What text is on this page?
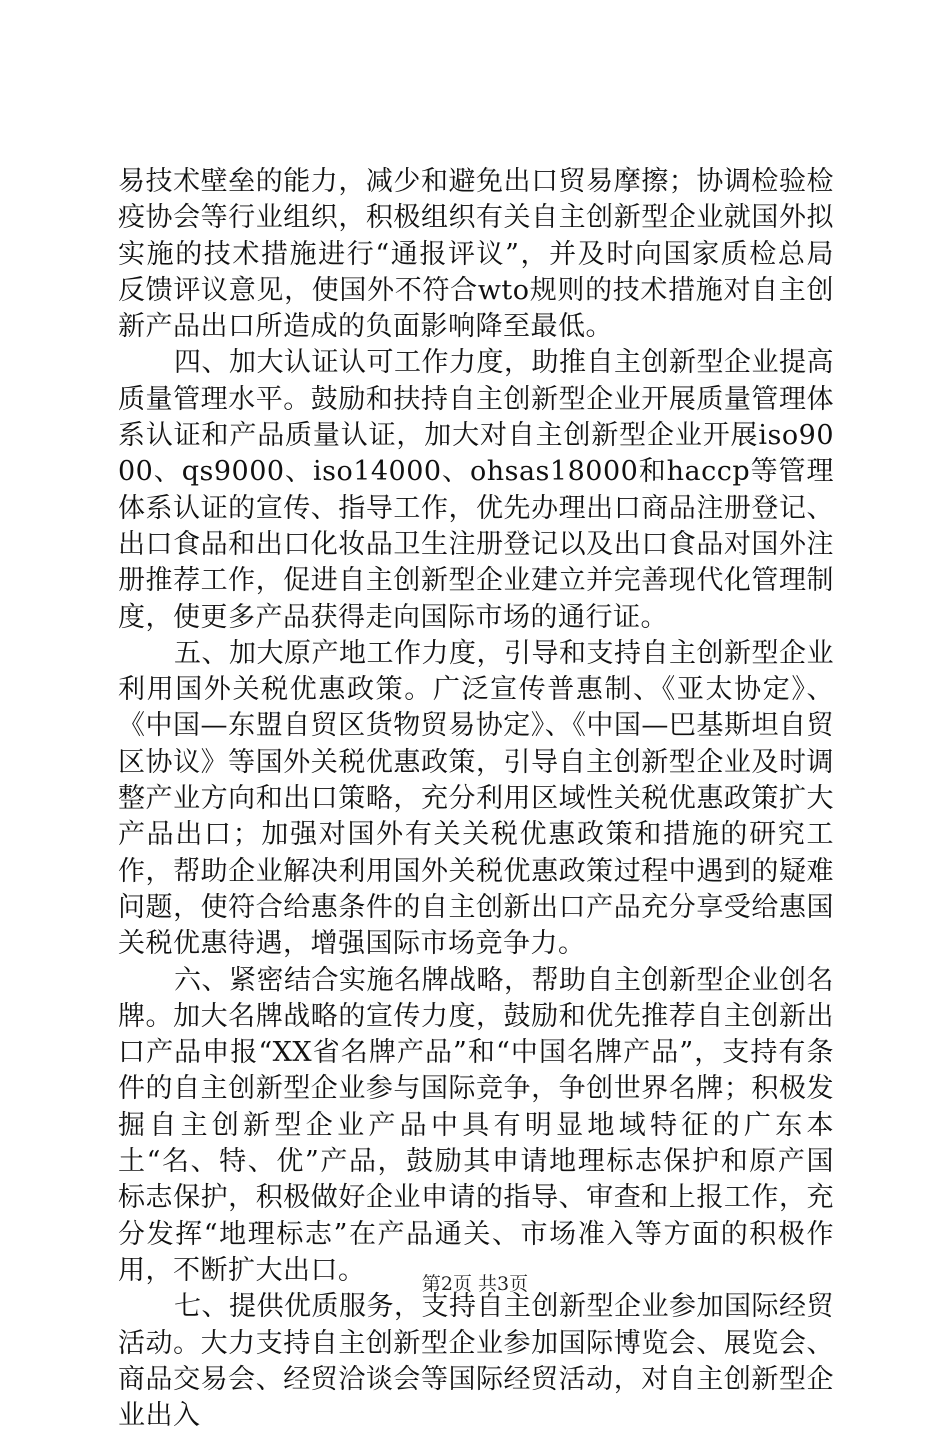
易技术壁垒的能力，减少和避免出口贸易摩擦；协调检验检疫协会等行业组织，积极组织有关自主创新型企业就国外拟实施的技术措施进行“通报评议”，并及时向国家质检总局反馈评议意见，使国外不符合wto规则的技术措施对自主创新产品出口所造成的负面影响降至最低。

四、加大认证认可工作力度，助推自主创新型企业提高质量管理水平。鼓励和扶持自主创新型企业开展质量管理体系认证和产品质量认证，加大对自主创新型企业开展iso9000、qs9000、iso14000、ohsas18000和haccp等管理体系认证的宣传、指导工作，优先办理出口商品注册登记、出口食品和出口化妆品卫生注册登记以及出口食品对国外注册推荐工作，促进自主创新型企业建立并完善现代化管理制度，使更多产品获得走向国际市场的通行证。

五、加大原产地工作力度，引导和支持自主创新型企业利用国外关税优惠政策。广泛宣传普惠制、《亚太协定》、《中国—东盟自贸区货物贸易协定》、《中国—巴基斯坦自贸区协议》等国外关税优惠政策，引导自主创新型企业及时调整产业方向和出口策略，充分利用区域性关税优惠政策扩大产品出口；加强对国外有关关税优惠政策和措施的研究工作，帮助企业解决利用国外关税优惠政策过程中遇到的疑难问题，使符合给惠条件的自主创新出口产品充分享受给惠国关税优惠待遇，增强国际市场竞争力。

六、紧密结合实施名牌战略，帮助自主创新型企业创名牌。加大名牌战略的宣传力度，鼓励和优先推荐自主创新出口产品申报“XX省名牌产品”和“中国名牌产品”，支持有条件的自主创新型企业参与国际竞争，争创世界名牌；积极发掘自主创新型企业产品中具有明显地域特征的广东本土“名、特、优”产品，鼓励其申请地理标志保护和原产国标志保护，积极做好企业申请的指导、审查和上报工作，充分发挥“地理标志”在产品通关、市场准入等方面的积极作用，不断扩大出口。

七、提供优质服务，支持自主创新型企业参加国际经贸活动。大力支持自主创新型企业参加国际博览会、展览会、商品交易会、经贸洽谈会等国际经贸活动，对自主创新型企业出入

第2页 共3页
